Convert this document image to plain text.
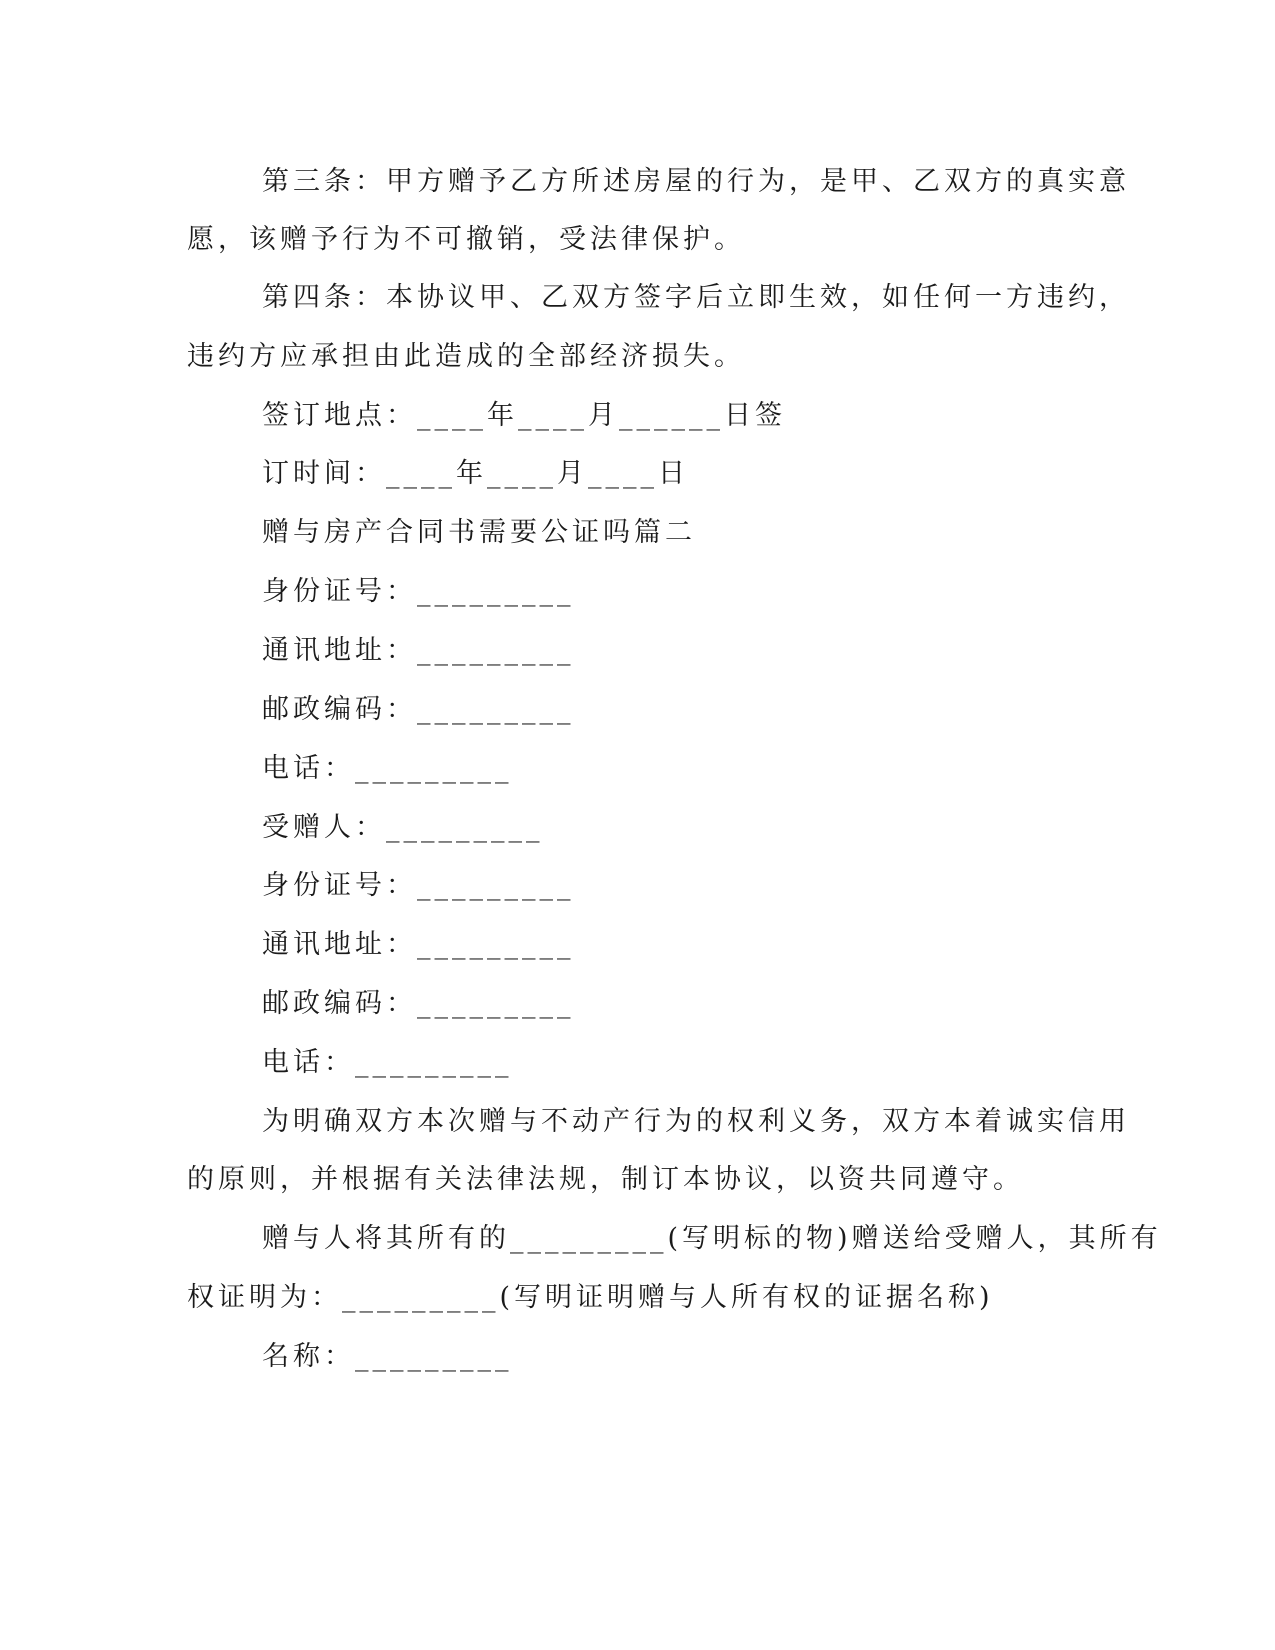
第三条：甲方赠予乙方所述房屋的行为，是甲、乙双方的真实意
愿，该赠予行为不可撤销，受法律保护。
第四条：本协议甲、乙双方签字后立即生效，如任何一方违约，
违约方应承担由此造成的全部经济损失。
签订地点：____年____月______日签
订时间：____年____月____日
赠与房产合同书需要公证吗篇二
身份证号：_________
通讯地址：_________
邮政编码：_________
电话：_________
受赠人：_________
身份证号：_________
通讯地址：_________
邮政编码：_________
电话：_________
为明确双方本次赠与不动产行为的权利义务，双方本着诚实信用
的原则，并根据有关法律法规，制订本协议，以资共同遵守。
赠与人将其所有的_________(写明标的物)赠送给受赠人，其所有
权证明为：_________(写明证明赠与人所有权的证据名称)
名称：_________
